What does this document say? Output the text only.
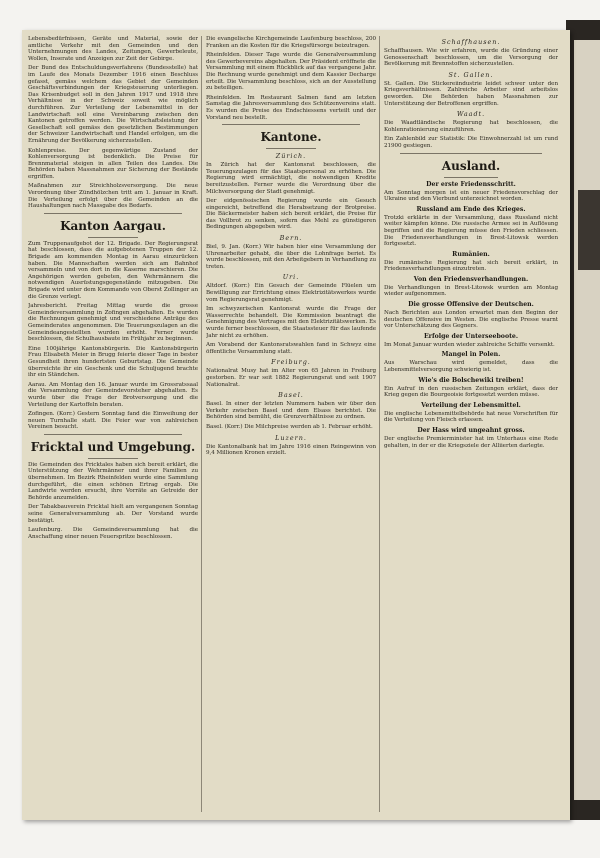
Lebensbedürfnissen, Geräte und Material, sowie der amtliche Verkehr mit den Gemeinden und den Unternehmungen des Landes, Zeitungen, Gewerbeleute, Wollen, Inserate und Anzeigen zur Zeit der Gebirge.

Der Bund des Entschuldungsverfahrens (Bundesstelle) hat im Laufe des Monats Dezember 1916 einen Beschluss gefasst, gemäss welchem das Gebiet der Gemeinden Geschäftsverbindungen der Kriegsteuerung unterliegen. Das Krisenbudget soll in den Jahren 1917 und 1918 ihre Verhältnisse in der Schweiz soweit wie möglich durchführen. Zur Verteilung der Lebensmittel in der Landwirtschaft soll eine Vereinbarung zwischen den Kantonen getroffen werden. Die Wirtschaftsleistung der Gesellschaft soll gemäss den gesetzlichen Bestimmungen der Schweizer Landwirtschaft und Handel erfolgen, um die Ernährung der Bevölkerung sicherzustellen.

Kohlenpreise. Der gegenwärtige Zustand der Kohlenversorgung ist bedenklich. Die Preise für Brennmaterial steigen in allen Teilen des Landes. Die Behörden haben Massnahmen zur Sicherung der Bestände ergriffen.

Maßnahmen zur Streichholzsversorgung. Die neue Verordnung über Zündhölzchen tritt am 1. Januar in Kraft. Die Verteilung erfolgt über die Gemeinden an die Haushaltungen nach Massgabe des Bedarfs.

Kanton Aargau.

Zum Truppenaufgebot der 12. Brigade. Der Regierungsrat hat beschlossen, dass die aufgebotenen Truppen der 12. Brigade am kommenden Montag in Aarau einzurücken haben. Die Mannschaften werden sich am Bahnhof versammeln und von dort in die Kaserne marschieren. Die Angehörigen werden gebeten, den Wehrmännern die notwendigen Ausrüstungsgegenstände mitzugeben. Die Brigade wird unter dem Kommando von Oberst Zollinger an die Grenze verlegt.

Jahresbericht. Freitag Mittag wurde die grosse Gemeindeversammlung in Zofingen abgehalten. Es wurden die Rechnungen genehmigt und verschiedene Anträge des Gemeinderates angenommen. Die Teuerungszulagen an die Gemeindeangestellten wurden erhöht. Ferner wurde beschlossen, die Schulhausbaute im Frühjahr zu beginnen.

Eine 100jährige Kantonsbürgerin. Die Kantonsbürgerin Frau Elisabeth Meier in Brugg feierte dieser Tage in bester Gesundheit ihren hundertsten Geburtstag. Die Gemeinde überreichte ihr ein Geschenk und die Schuljugend brachte ihr ein Ständchen.

Aarau. Am Montag den 16. Januar wurde im Grossratssaal die Versammlung der Gemeindevorsteher abgehalten. Es wurde über die Frage der Brotversorgung und die Verteilung der Kartoffeln beraten.

Zofingen. (Korr.) Gestern Sonntag fand die Einweihung der neuen Turnhalle statt. Die Feier war von zahlreichen Vereinen besucht.

Fricktal und Umgebung.

Die Gemeinden des Fricktales haben sich bereit erklärt, die Unterstützung der Wehrmänner und ihrer Familien zu übernehmen. Im Bezirk Rheinfelden wurde eine Sammlung durchgeführt, die einen schönen Ertrag ergab. Die Landwirte werden ersucht, ihre Vorräte an Getreide der Behörde anzumelden.

Der Tabakbauverein Fricktal hielt am vergangenen Sonntag seine Generalversammlung ab. Der Vorstand wurde bestätigt.

Laufenburg. Die Gemeindeversammlung hat die Anschaffung einer neuen Feuerspritze beschlossen.

Die evangelische Kirchgemeinde Laufenburg beschloss, 200 Franken an die Kosten für die Kriegsfürsorge beizutragen.

Rheinfelden. Dieser Tage wurde die Generalversammlung des Gewerbevereins abgehalten. Der Präsident eröffnete die Versammlung mit einem Rückblick auf das vergangene Jahr. Die Rechnung wurde genehmigt und dem Kassier Decharge erteilt. Die Versammlung beschloss, sich an der Ausstellung zu beteiligen.

Rheinfelden. Im Restaurant Salmen fand am letzten Samstag die Jahresversammlung des Schützenvereins statt. Es wurden die Preise des Endschiessens verteilt und der Vorstand neu bestellt.

Kantone.
Zürich.

In Zürich hat der Kantonsrat beschlossen, die Teuerungszulagen für das Staatspersonal zu erhöhen. Die Regierung wird ermächtigt, die notwendigen Kredite bereitzustellen. Ferner wurde die Verordnung über die Milchversorgung der Stadt genehmigt.

Der eidgenössischen Regierung wurde ein Gesuch eingereicht, betreffend die Herabsetzung der Brotpreise. Die Bäckermeister haben sich bereit erklärt, die Preise für das Vollbrot zu senken, sofern das Mehl zu günstigeren Bedingungen abgegeben wird.

Bern.

Biel, 9. Jan. (Korr.) Wir haben hier eine Versammlung der Uhrenarbeiter gehabt, die über die Lohnfrage beriet. Es wurde beschlossen, mit den Arbeitgebern in Verhandlung zu treten.

Uri.

Altdorf. (Korr.) Ein Gesuch der Gemeinde Flüelen um Bewilligung zur Errichtung eines Elektrizitätswerkes wurde vom Regierungsrat genehmigt.

Im schwyzerischen Kantonsrat wurde die Frage der Wasserrechte behandelt. Die Kommission beantragt die Genehmigung des Vertrages mit den Elektrizitätswerken. Es wurde ferner beschlossen, die Staatssteuer für das laufende Jahr nicht zu erhöhen.

Am Vorabend der Kantonsratswahlen fand in Schwyz eine öffentliche Versammlung statt.

Freiburg.

Nationalrat Musy hat im Alter von 65 Jahren in Freiburg gestorben. Er war seit 1882 Regierungsrat und seit 1907 Nationalrat.

Basel.

Basel. In einer der letzten Nummern haben wir über den Verkehr zwischen Basel und dem Elsass berichtet. Die Behörden sind bemüht, die Grenzverhältnisse zu ordnen.

Basel. (Korr.) Die Milchpreise werden ab 1. Februar erhöht.

Luzern.

Die Kantonalbank hat im Jahre 1916 einen Reingewinn von 9,4 Millionen Kronen erzielt.

Schaffhausen.

Schaffhausen. Wie wir erfahren, wurde die Gründung einer Genossenschaft beschlossen, um die Versorgung der Bevölkerung mit Brennstoffen sicherzustellen.

St. Gallen.

St. Gallen. Die Stickereiindustrie leidet schwer unter den Kriegsverhältnissen. Zahlreiche Arbeiter sind arbeitslos geworden. Die Behörden haben Massnahmen zur Unterstützung der Betroffenen ergriffen.

Waadt.

Die Waadtländische Regierung hat beschlossen, die Kohlenrationierung einzuführen.

Ein Zahlenbild zur Statistik: Die Einwohnerzahl ist um rund 21900 gestiegen.

Ausland.
Der erste Friedensschritt.

Am Sonntag morgen ist ein neuer Friedensvorschlag der Ukraine und den Vierbund unterzeichnet worden.

Russland am Ende des Krieges.

Trotzki erklärte in der Versammlung, dass Russland nicht weiter kämpfen könne. Die russische Armee sei in Auflösung begriffen und die Regierung müsse den Frieden schliessen. Die Friedensverhandlungen in Brest-Litowsk werden fortgesetzt.

Rumänien.

Die rumänische Regierung hat sich bereit erklärt, in Friedensverhandlungen einzutreten.

Von den Friedensverhandlungen.

Die Verhandlungen in Brest-Litowsk wurden am Montag wieder aufgenommen.

Die grosse Offensive der Deutschen.

Nach Berichten aus London erwartet man den Beginn der deutschen Offensive im Westen. Die englische Presse warnt vor Unterschätzung des Gegners.

Erfolge der Unterseeboote.

Im Monat Januar wurden wieder zahlreiche Schiffe versenkt.

Mangel in Polen.

Aus Warschau wird gemeldet, dass die Lebensmittelversorgung schwierig ist.

Wie's die Bolschewiki treiben!

Ein Aufruf in den russischen Zeitungen erklärt, dass der Krieg gegen die Bourgeoisie fortgesetzt werden müsse.

Verteilung der Lebensmittel.

Die englische Lebensmittelbehörde hat neue Vorschriften für die Verteilung von Fleisch erlassen.

Der Hass wird ungeahnt gross.

Der englische Premierminister hat im Unterhaus eine Rede gehalten, in der er die Kriegsziele der Alliierten darlegte.
